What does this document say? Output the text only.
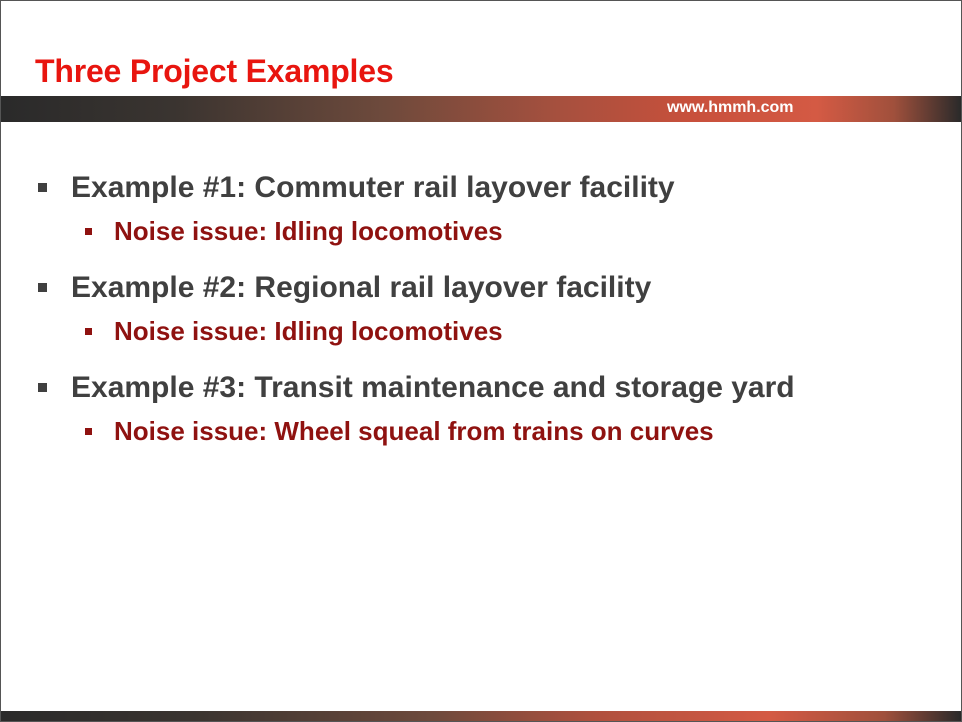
Three Project Examples
www.hmmh.com
Example #1: Commuter rail layover facility
Noise issue: Idling locomotives
Example #2: Regional rail layover facility
Noise issue: Idling locomotives
Example #3: Transit maintenance and storage yard
Noise issue: Wheel squeal from trains on curves
